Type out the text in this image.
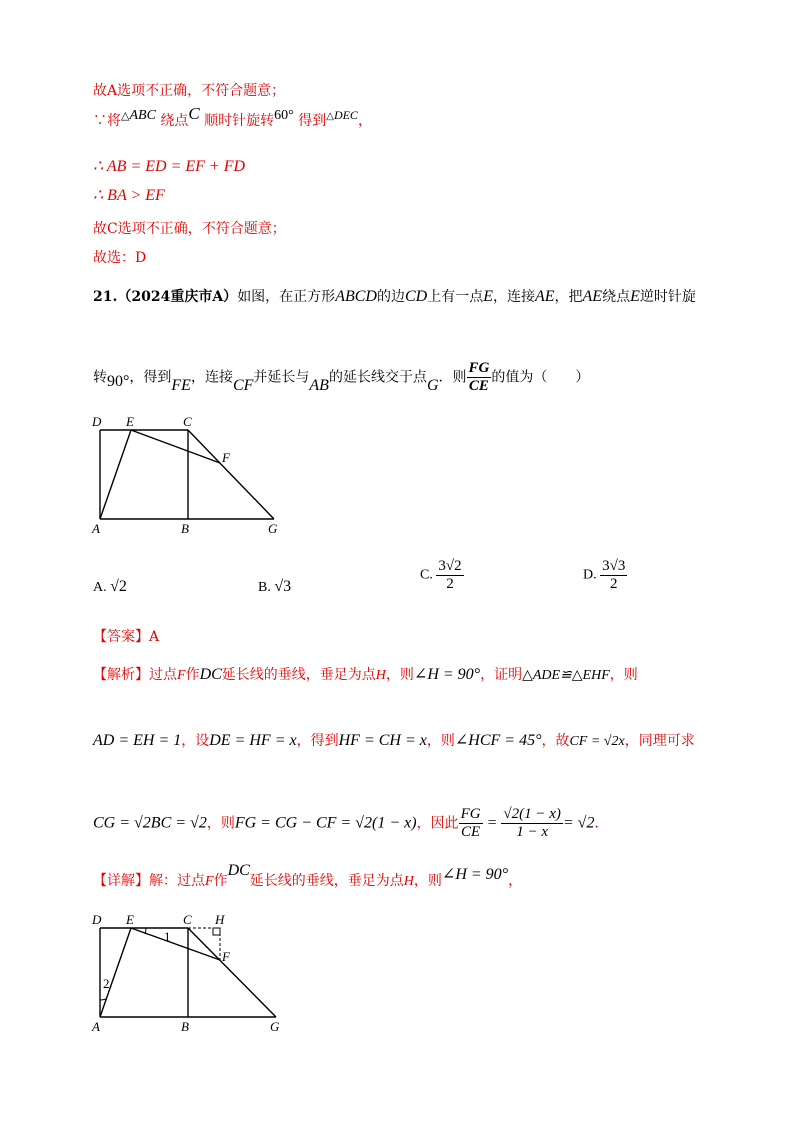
故A选项不正确，不符合题意；
∵将△ABC 绕点C 顺时针旋转60° 得到△DEC，
∴ AB = ED = EF + FD
∴ BA > EF
故C选项不正确，不符合题意；
故选：D
21.（2024重庆市A）如图，在正方形ABCD的边CD上有一点E，连接AE，把AE绕点E逆时针旋
转90°，得到FE，连接CF并延长与AB的延长线交于点G．则 $\frac{FG}{CE}$ 的值为（　　）
D E	C
F
A	B	G
A. √2	B. √3
C. $\frac{3√2}{2}$	D. $\frac{3√3}{2}$
【答案】A
【解析】过点F作DC延长线的垂线，垂足为点H，则∠H = 90°，证明△ADE≌△EHF，则
AD = EH = 1，设DE = HF = x，得到HF = CH = x，则∠HCF = 45°，故CF = √2x，同理可求
CG = √2BC = √2，则FG = CG − CF = √2(1 − x)，因此 $\frac{FG}{CE} = \frac{√2(1 - x)}{1 - x} = √2$．
【详解】解：过点F作DC延长线的垂线，垂足为点H，则∠H = 90°，
1
2
D E	C H
F
A	B	G
